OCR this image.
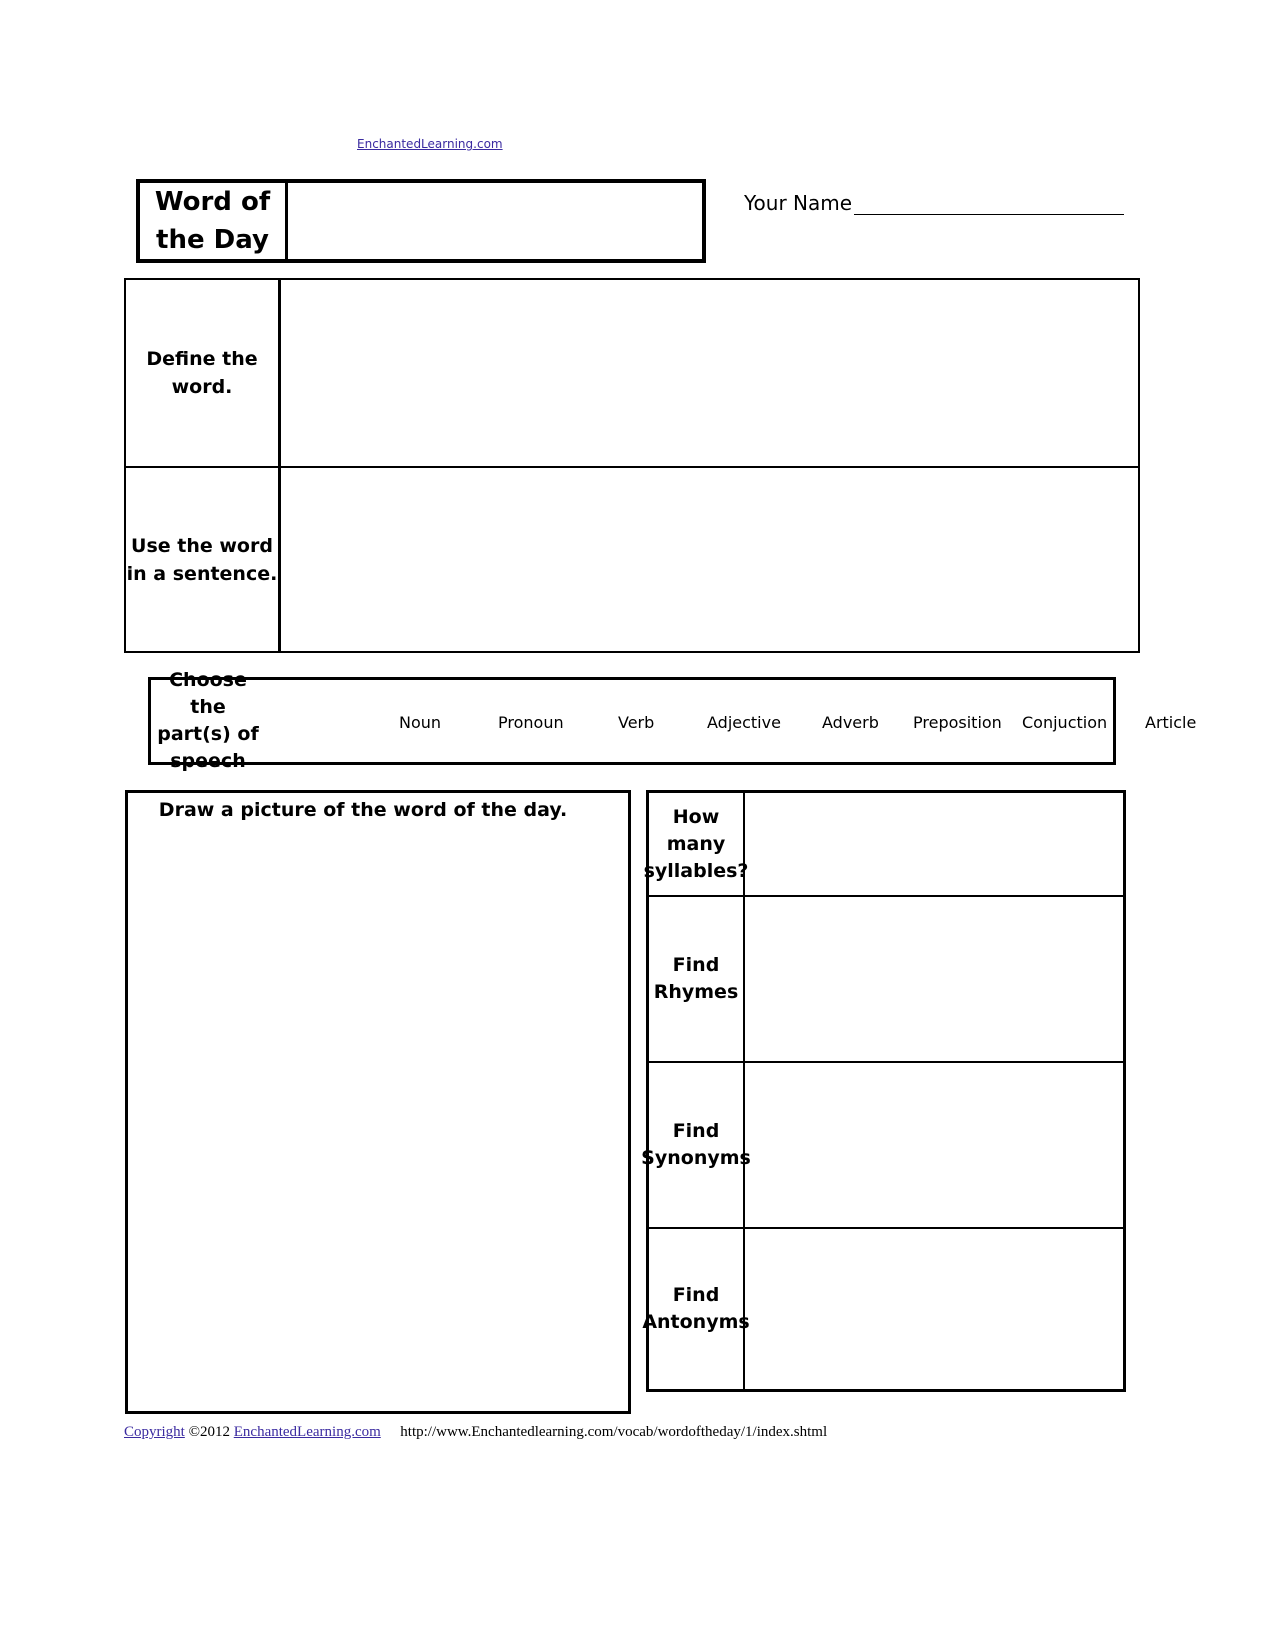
EnchantedLearning.com
Word of
the Day
Your Name
Define the
word.
Use the word
in a sentence.
Choose the
part(s) of
speech
Noun	Pronoun	Verb	Adjective	Adverb Preposition Conjuction Article
Draw a picture of the word of the day.	How many
syllables?
Find
Rhymes
Find
Synonyms
Find
Antonyms
Copyright ©2012 EnchantedLearning.com http://www.Enchantedlearning.com/vocab/wordoftheday/1/index.shtml
